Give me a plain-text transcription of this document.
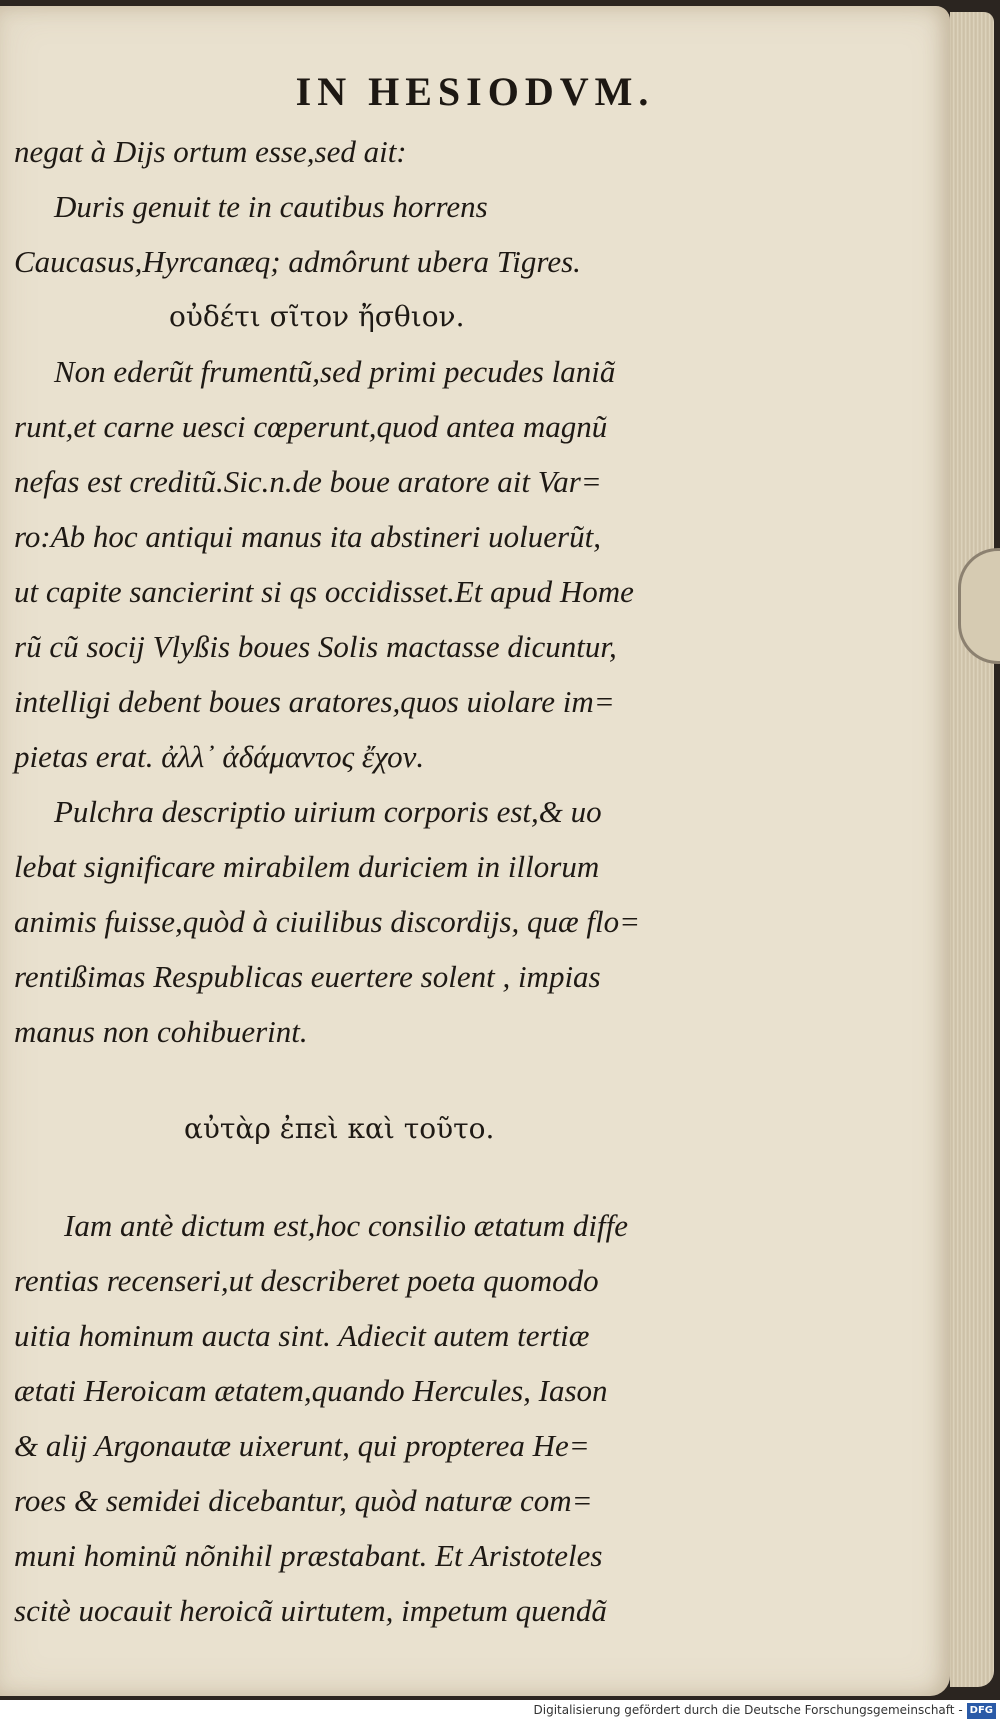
IN HESIODVM.
negat à Dijs ortum esse,sed ait:
Duris genuit te in cautibus horrens
Caucasus,Hyrcanæq; admôrunt ubera Tigres.
οὐδέτι σῖτον ἤσθιον.
Non ederũt frumentũ,sed primi pecudes laniã
runt,et carne uesci cœperunt,quod antea magnũ
nefas est creditũ.Sic.n.de boue aratore ait Var=
ro:Ab hoc antiqui manus ita abstineri uoluerũt,
ut capite sancierint si qs occidisset.Et apud Home
rũ cũ socij Vlyßis boues Solis mactasse dicuntur,
intelligi debent boues aratores,quos uiolare im=
pietas erat. ἀλλ᾽ ἀδάμαντος ἔχον.
Pulchra descriptio uirium corporis est,& uo
lebat significare mirabilem duriciem in illorum
animis fuisse,quòd à ciuilibus discordijs, quæ flo=
rentißimas Respublicas euertere solent , impias
manus non cohibuerint.
αὐτὰρ ἐπεὶ καὶ τοῦτο.
Iam antè dictum est,hoc consilio ætatum diffe
rentias recenseri,ut describeret poeta quomodo
uitia hominum aucta sint. Adiecit autem tertiæ
ætati Heroicam ætatem,quando Hercules, Iason
& alij Argonautæ uixerunt, qui propterea He=
roes & semidei dicebantur, quòd naturæ com=
muni hominũ nõnihil præstabant. Et Aristoteles
scitè uocauit heroicã uirtutem, impetum quendã
Digitalisierung gefördert durch die Deutsche Forschungsgemeinschaft - DFG
